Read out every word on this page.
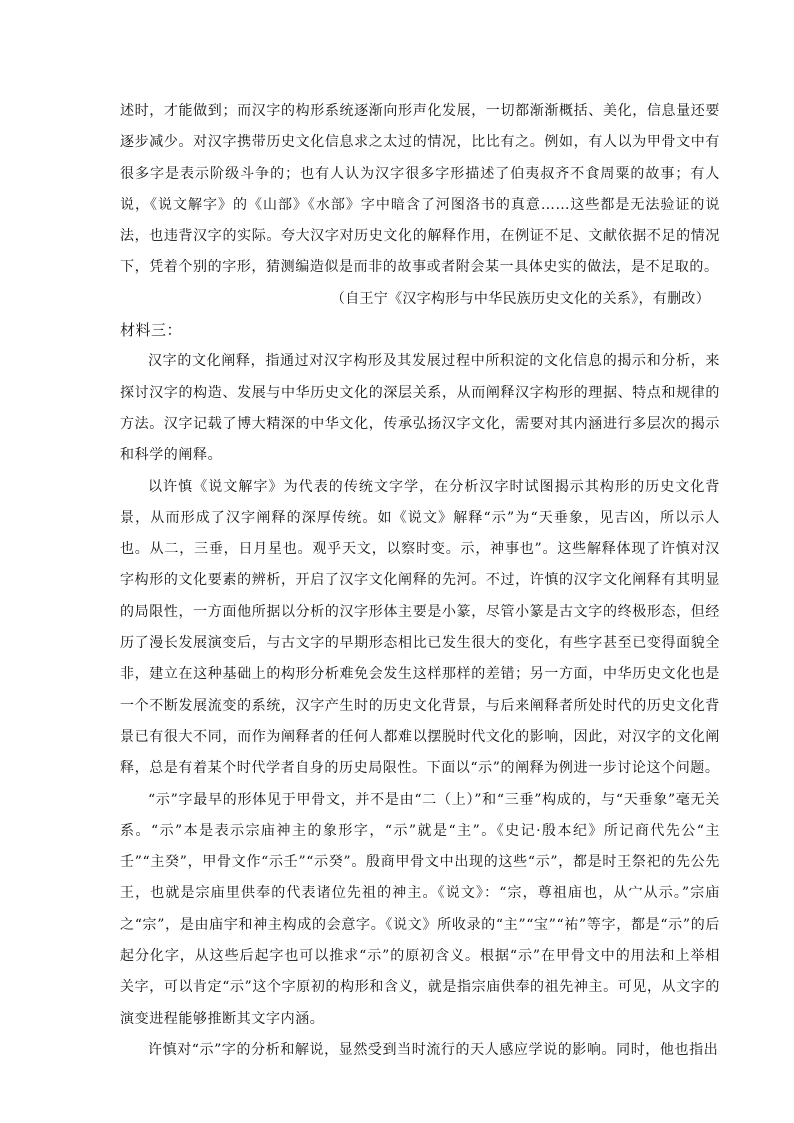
述时，才能做到；而汉字的构形系统逐渐向形声化发展，一切都渐渐概括、美化，信息量还要逐步减少。对汉字携带历史文化信息求之太过的情况，比比有之。例如，有人以为甲骨文中有很多字是表示阶级斗争的；也有人认为汉字很多字形描述了伯夷叔齐不食周粟的故事；有人说，《说文解字》的《山部》《水部》字中暗含了河图洛书的真意……这些都是无法验证的说法，也违背汉字的实际。夸大汉字对历史文化的解释作用，在例证不足、文献依据不足的情况下，凭着个别的字形，猜测编造似是而非的故事或者附会某一具体史实的做法，是不足取的。

（自王宁《汉字构形与中华民族历史文化的关系》，有删改）

材料三：

汉字的文化阐释，指通过对汉字构形及其发展过程中所积淀的文化信息的揭示和分析，来探讨汉字的构造、发展与中华历史文化的深层关系，从而阐释汉字构形的理据、特点和规律的方法。汉字记载了博大精深的中华文化，传承弘扬汉字文化，需要对其内涵进行多层次的揭示和科学的阐释。

以许慎《说文解字》为代表的传统文字学，在分析汉字时试图揭示其构形的历史文化背景，从而形成了汉字阐释的深厚传统。如《说文》解释“示”为“天垂象，见吉凶，所以示人也。从二，三垂，日月星也。观乎天文，以察时变。示，神事也”。这些解释体现了许慎对汉字构形的文化要素的辨析，开启了汉字文化阐释的先河。不过，许慎的汉字文化阐释有其明显的局限性，一方面他所据以分析的汉字形体主要是小篆，尽管小篆是古文字的终极形态，但经历了漫长发展演变后，与古文字的早期形态相比已发生很大的变化，有些字甚至已变得面貌全非，建立在这种基础上的构形分析难免会发生这样那样的差错；另一方面，中华历史文化也是一个不断发展流变的系统，汉字产生时的历史文化背景，与后来阐释者所处时代的历史文化背景已有很大不同，而作为阐释者的任何人都难以摆脱时代文化的影响，因此，对汉字的文化阐释，总是有着某个时代学者自身的历史局限性。下面以“示”的阐释为例进一步讨论这个问题。

“示”字最早的形体见于甲骨文，并不是由“二（上）”和“三垂”构成的，与“天垂象”毫无关系。“示”本是表示宗庙神主的象形字，“示”就是“主”。《史记·殷本纪》所记商代先公“主壬”“主癸”，甲骨文作“示壬”“示癸”。殷商甲骨文中出现的这些“示”，都是时王祭祀的先公先王，也就是宗庙里供奉的代表诸位先祖的神主。《说文》：“宗，尊祖庙也，从宀从示。”宗庙之“宗”，是由庙宇和神主构成的会意字。《说文》所收录的“主”“宝”“祐”等字，都是“示”的后起分化字，从这些后起字也可以推求“示”的原初含义。根据“示”在甲骨文中的用法和上举相关字，可以肯定“示”这个字原初的构形和含义，就是指宗庙供奉的祖先神主。可见，从文字的演变进程能够推断其文字内涵。

许慎对“示”字的分析和解说，显然受到当时流行的天人感应学说的影响。同时，他也指出
